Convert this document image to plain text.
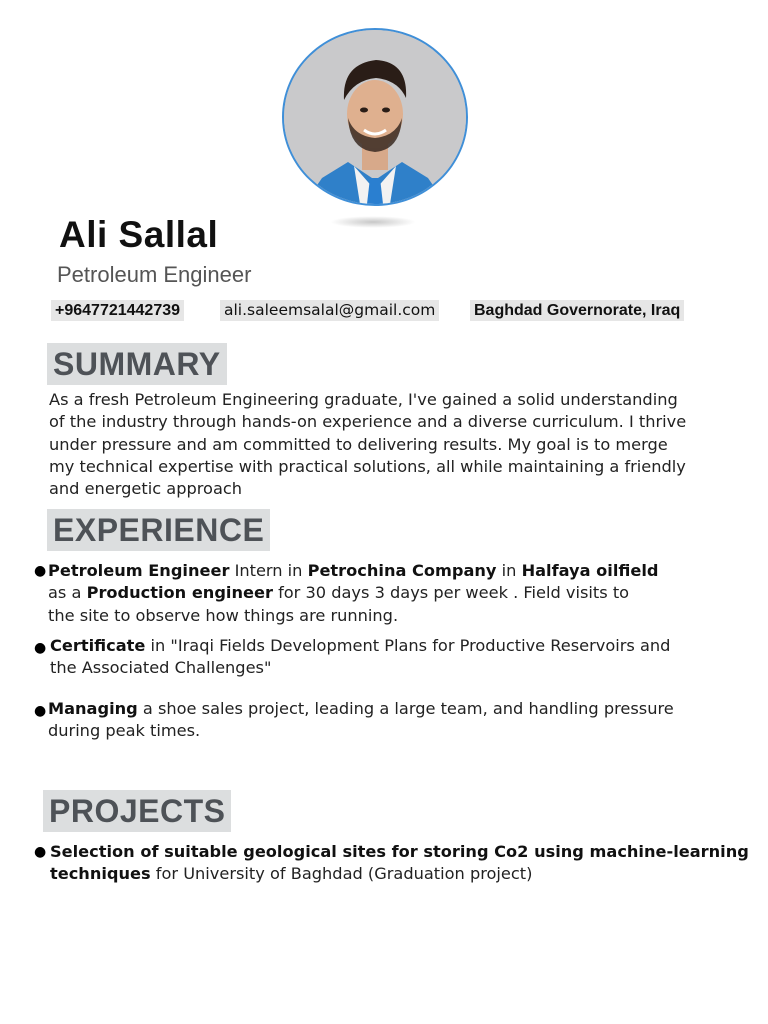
Ali Sallal
Petroleum Engineer
+9647721442739	ali.saleemsalal@gmail.com Baghdad Governorate, Iraq
SUMMARY
As a fresh Petroleum Engineering graduate, I've gained a solid understanding
of the industry through hands-on experience and a diverse curriculum. I thrive
under pressure and am committed to delivering results. My goal is to merge
my technical expertise with practical solutions, all while maintaining a friendly
and energetic approach
EXPERIENCE
● Petroleum Engineer Intern in Petrochina Company in Halfaya oilfield
as a Production engineer for 30 days 3 days per week . Field visits to
the site to observe how things are running.
● Certificate in "Iraqi Fields Development Plans for Productive Reservoirs and
the Associated Challenges"
● Managing a shoe sales project, leading a large team, and handling pressure
during peak times.
PROJECTS
● Selection of suitable geological sites for storing Co2 using machine-learning
techniques for University of Baghdad (Graduation project)
